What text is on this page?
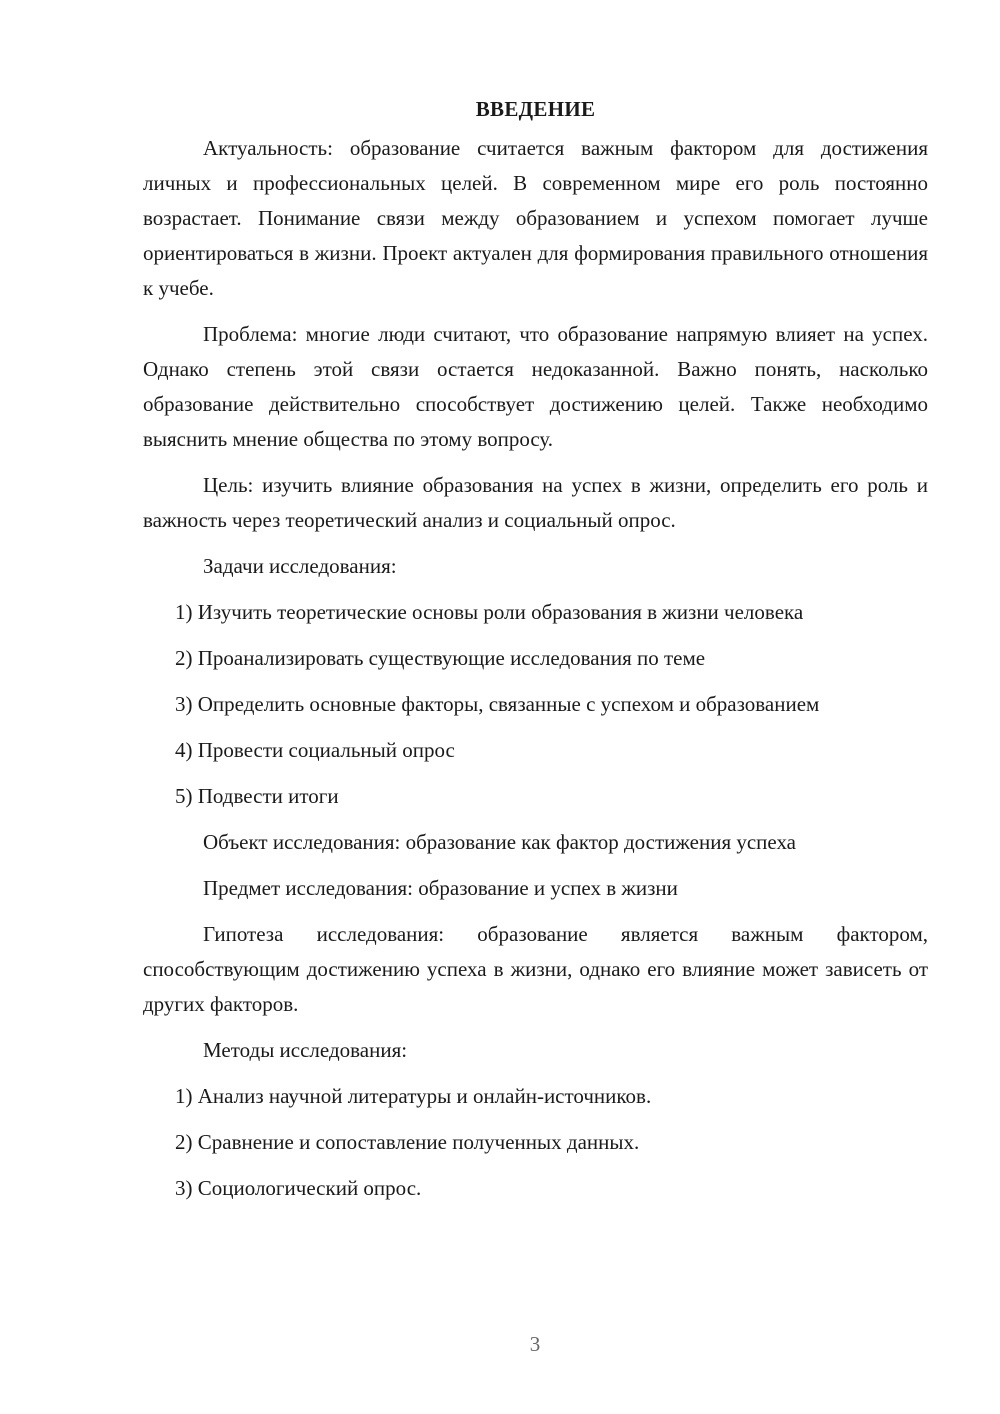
ВВЕДЕНИЕ

Актуальность: образование считается важным фактором для достижения личных и профессиональных целей. В современном мире его роль постоянно возрастает. Понимание связи между образованием и успехом помогает лучше ориентироваться в жизни. Проект актуален для формирования правильного отношения к учебе.

Проблема: многие люди считают, что образование напрямую влияет на успех. Однако степень этой связи остается недоказанной. Важно понять, насколько образование действительно способствует достижению целей. Также необходимо выяснить мнение общества по этому вопросу.

Цель: изучить влияние образования на успех в жизни, определить его роль и важность через теоретический анализ и социальный опрос.

Задачи исследования:
1) Изучить теоретические основы роли образования в жизни человека
2) Проанализировать существующие исследования по теме

3) Определить основные факторы, связанные с успехом и образованием

4) Провести социальный опрос
5) Подвести итоги
Объект исследования: образование как фактор достижения успеха
Предмет исследования: образование и успех в жизни

Гипотеза исследования: образование является важным фактором, способствующим достижению успеха в жизни, однако его влияние может зависеть от других факторов.

Методы исследования:
1) Анализ научной литературы и онлайн-источников.
2) Сравнение и сопоставление полученных данных.
3) Социологический опрос.
3
